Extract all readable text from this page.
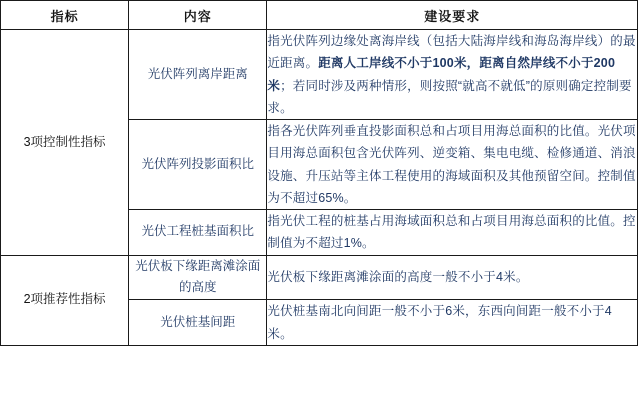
指标	内容	建设要求
3项控制性指标	光伏阵列离岸距离	指光伏阵列边缘处离海岸线（包括大陆海岸线和海岛海岸线）的最近距离。距离人工岸线不小于100米，距离自然岸线不小于200米；若同时涉及两种情形，则按照“就高不就低”的原则确定控制要求。
	光伏阵列投影面积比	指各光伏阵列垂直投影面积总和占项目用海总面积的比值。光伏项目用海总面积包含光伏阵列、逆变箱、集电电缆、检修通道、消浪设施、升压站等主体工程使用的海域面积及其他预留空间。控制值为不超过65%。
	光伏工程桩基面积比	指光伏工程的桩基占用海域面积总和占项目用海总面积的比值。控制值为不超过1%。
2项推荐性指标	光伏板下缘距离滩涂面的高度	光伏板下缘距离滩涂面的高度一般不小于4米。
	光伏桩基间距	光伏桩基南北向间距一般不小于6米，东西向间距一般不小于4米。
